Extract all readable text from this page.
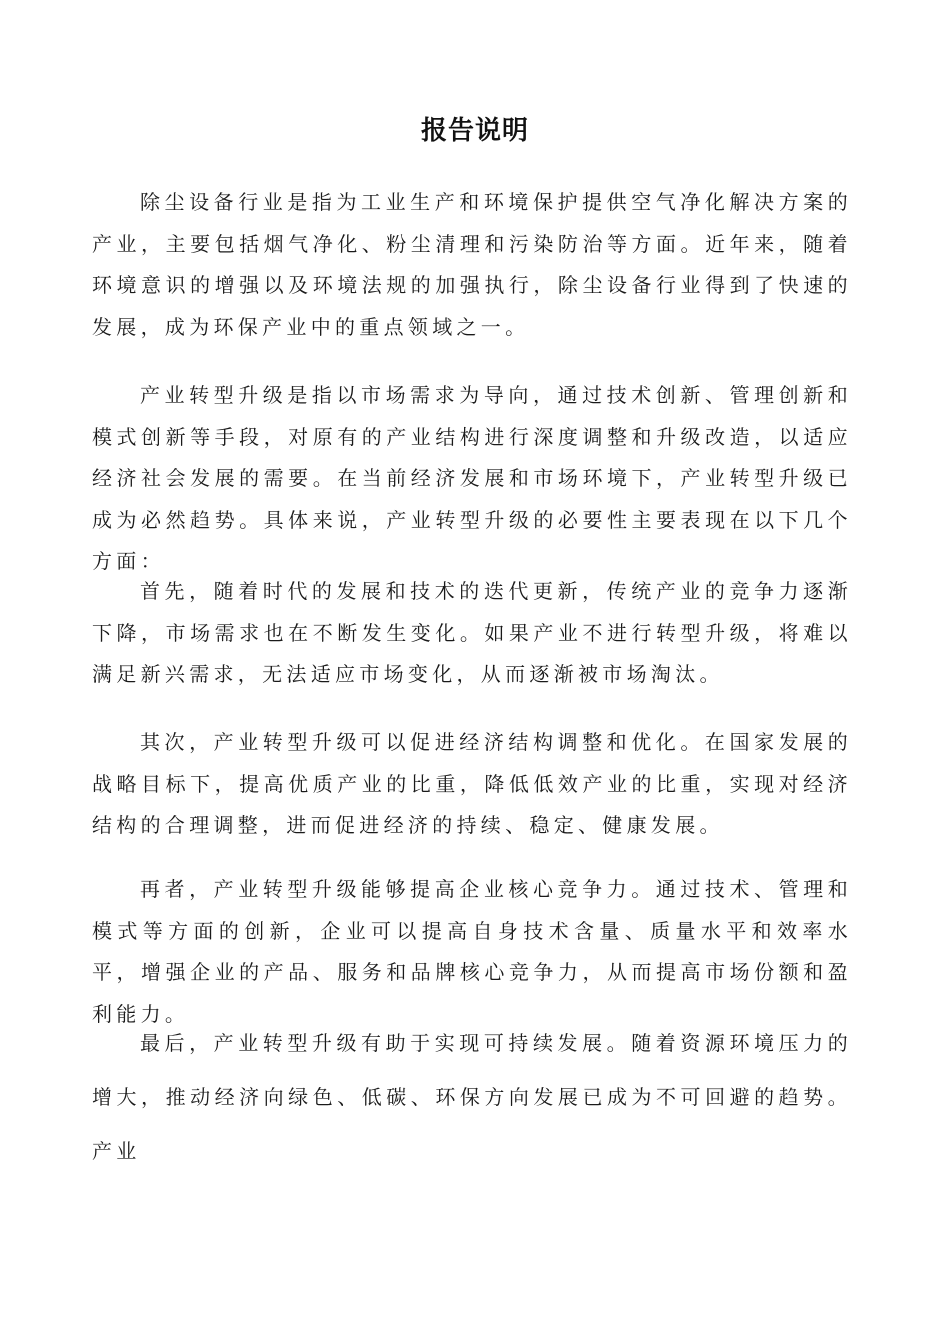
报告说明

除尘设备行业是指为工业生产和环境保护提供空气净化解决方案的产业，主要包括烟气净化、粉尘清理和污染防治等方面。近年来，随着环境意识的增强以及环境法规的加强执行，除尘设备行业得到了快速的发展，成为环保产业中的重点领域之一。

产业转型升级是指以市场需求为导向，通过技术创新、管理创新和模式创新等手段，对原有的产业结构进行深度调整和升级改造，以适应经济社会发展的需要。在当前经济发展和市场环境下，产业转型升级已成为必然趋势。具体来说，产业转型升级的必要性主要表现在以下几个方面：

首先，随着时代的发展和技术的迭代更新，传统产业的竞争力逐渐下降，市场需求也在不断发生变化。如果产业不进行转型升级，将难以满足新兴需求，无法适应市场变化，从而逐渐被市场淘汰。

其次，产业转型升级可以促进经济结构调整和优化。在国家发展的战略目标下，提高优质产业的比重，降低低效产业的比重，实现对经济结构的合理调整，进而促进经济的持续、稳定、健康发展。

再者，产业转型升级能够提高企业核心竞争力。通过技术、管理和模式等方面的创新，企业可以提高自身技术含量、质量水平和效率水平，增强企业的产品、服务和品牌核心竞争力，从而提高市场份额和盈利能力。

最后，产业转型升级有助于实现可持续发展。随着资源环境压力的增大，推动经济向绿色、低碳、环保方向发展已成为不可回避的趋势。产业
